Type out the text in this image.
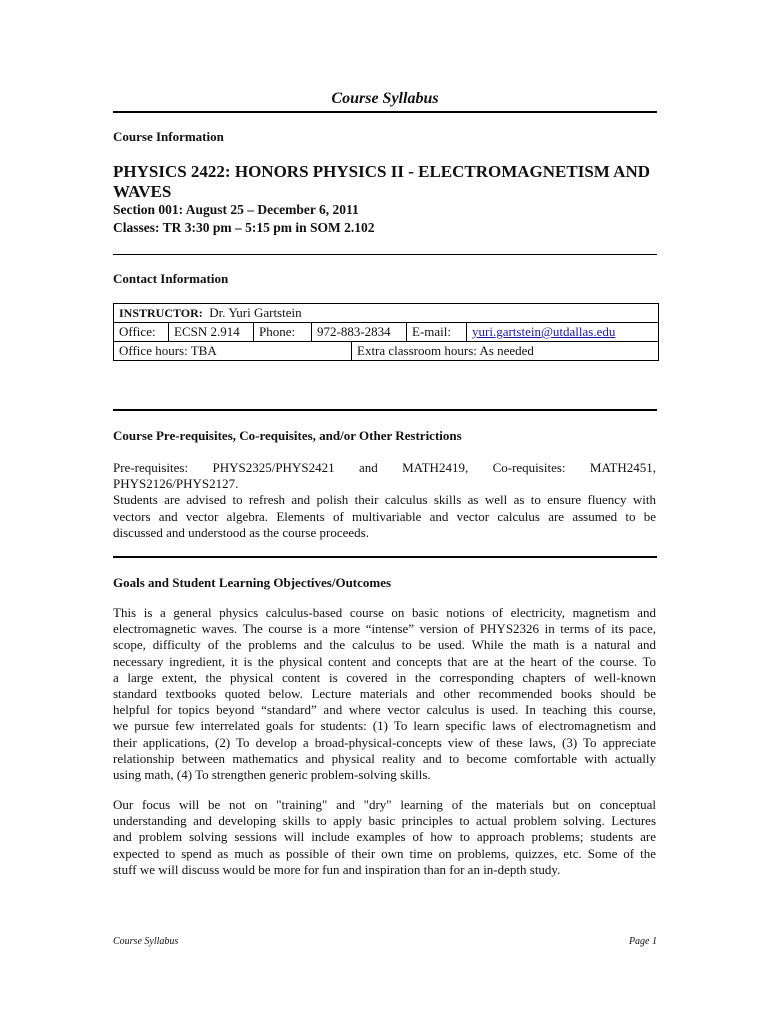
Course Syllabus
Course Information
PHYSICS 2422: HONORS PHYSICS II - ELECTROMAGNETISM AND WAVES
Section 001: August 25 – December 6, 2011
Classes: TR 3:30 pm – 5:15 pm in SOM 2.102
Contact Information
INSTRUCTOR: Dr. Yuri Gartstein						
Office:	ECSN 2.914	Phone:	972-883-2834		E-mail:	yuri.gartstein@utdallas.edu
Office hours: TBA				Extra classroom hours: As needed		
Course Pre-requisites, Co-requisites, and/or Other Restrictions
Pre-requisites: PHYS2325/PHYS2421 and MATH2419, Co-requisites: MATH2451,
PHYS2126/PHYS2127.
Students are advised to refresh and polish their calculus skills as well as to ensure fluency with
vectors and vector algebra. Elements of multivariable and vector calculus are assumed to be
discussed and understood as the course proceeds.
Goals and Student Learning Objectives/Outcomes
This is a general physics calculus-based course on basic notions of electricity, magnetism and
electromagnetic waves. The course is a more “intense” version of PHYS2326 in terms of its pace,
scope, difficulty of the problems and the calculus to be used. While the math is a natural and
necessary ingredient, it is the physical content and concepts that are at the heart of the course. To
a large extent, the physical content is covered in the corresponding chapters of well-known
standard textbooks quoted below. Lecture materials and other recommended books should be
helpful for topics beyond “standard” and where vector calculus is used. In teaching this course,
we pursue few interrelated goals for students: (1) To learn specific laws of electromagnetism and
their applications, (2) To develop a broad-physical-concepts view of these laws, (3) To appreciate
relationship between mathematics and physical reality and to become comfortable with actually
using math, (4) To strengthen generic problem-solving skills.
Our focus will be not on "training" and "dry" learning of the materials but on conceptual
understanding and developing skills to apply basic principles to actual problem solving. Lectures
and problem solving sessions will include examples of how to approach problems; students are
expected to spend as much as possible of their own time on problems, quizzes, etc. Some of the
stuff we will discuss would be more for fun and inspiration than for an in-depth study.
Course Syllabus	Page 1
